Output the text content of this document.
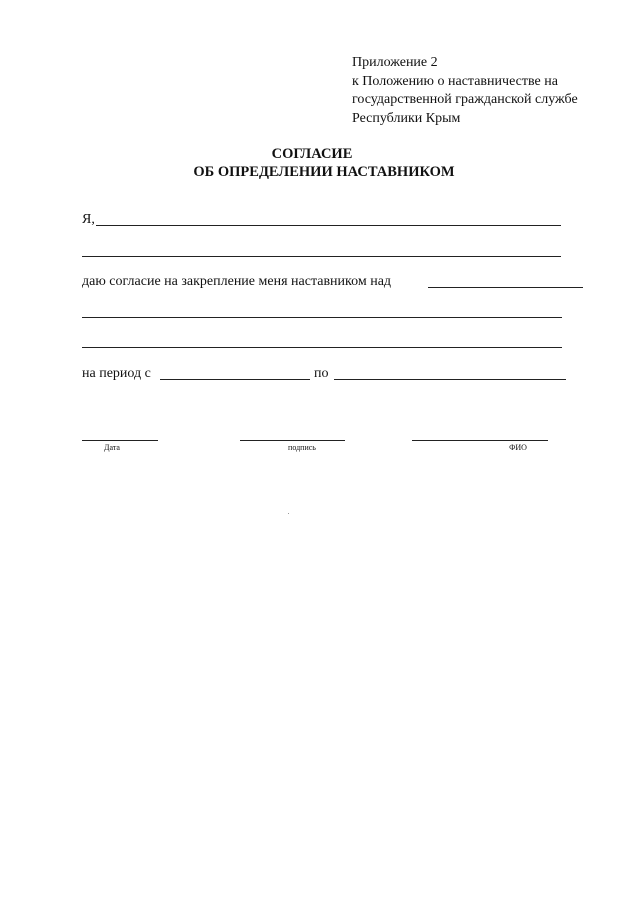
Приложение 2
к Положению о наставничестве на
государственной гражданской службе
Республики Крым
СОГЛАСИЕ
ОБ ОПРЕДЕЛЕНИИ НАСТАВНИКОМ
Я,
даю согласие на закрепление меня наставником над
на период с	по
Дата	подпись	ФИО
